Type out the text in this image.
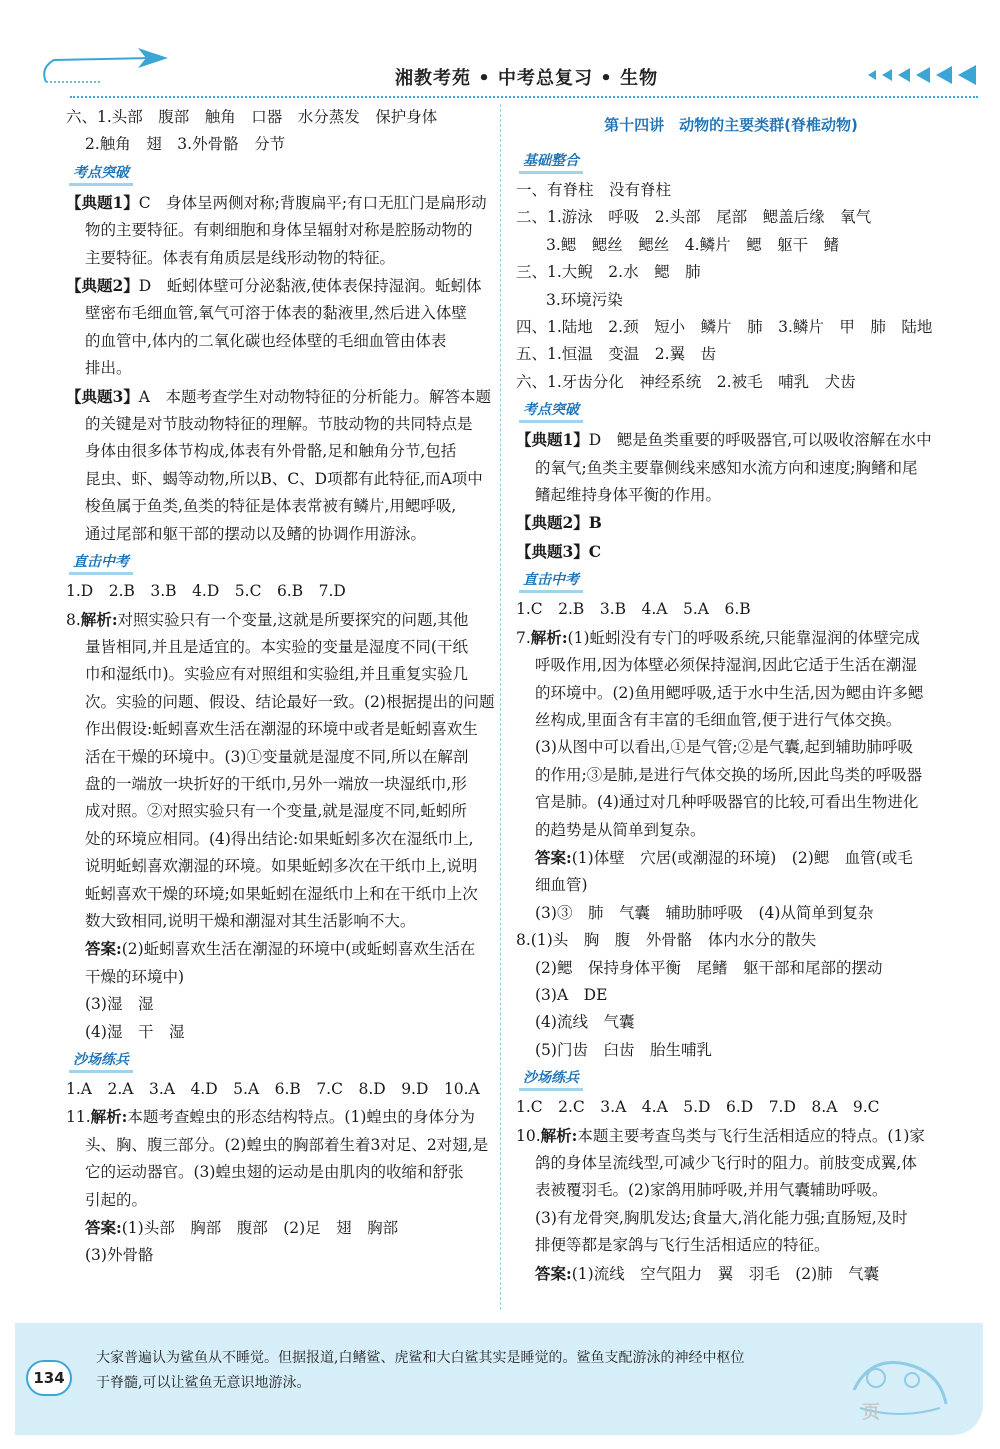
湘教考苑 • 中考总复习 • 生物
六、1.头部　腹部　触角　口器　水分蒸发　保护身体
2.触角　翅　3.外骨骼　分节
考点突破
【典题1】C　身体呈两侧对称;背腹扁平;有口无肛门是扁形动
物的主要特征。有刺细胞和身体呈辐射对称是腔肠动物的
主要特征。体表有角质层是线形动物的特征。
【典题2】D　蚯蚓体壁可分泌黏液,使体表保持湿润。蚯蚓体
壁密布毛细血管,氧气可溶于体表的黏液里,然后进入体壁
的血管中,体内的二氧化碳也经体壁的毛细血管由体表
排出。
【典题3】A　本题考查学生对动物特征的分析能力。解答本题
的关键是对节肢动物特征的理解。节肢动物的共同特点是
身体由很多体节构成,体表有外骨骼,足和触角分节,包括
昆虫、虾、蝎等动物,所以B、C、D项都有此特征,而A项中
梭鱼属于鱼类,鱼类的特征是体表常被有鳞片,用鳃呼吸,
通过尾部和躯干部的摆动以及鳍的协调作用游泳。
直击中考
1.D　2.B　3.B　4.D　5.C　6.B　7.D
8.解析:对照实验只有一个变量,这就是所要探究的问题,其他
量皆相同,并且是适宜的。本实验的变量是湿度不同(干纸
巾和湿纸巾)。实验应有对照组和实验组,并且重复实验几
次。实验的问题、假设、结论最好一致。(2)根据提出的问题
作出假设:蚯蚓喜欢生活在潮湿的环境中或者是蚯蚓喜欢生
活在干燥的环境中。(3)①变量就是湿度不同,所以在解剖
盘的一端放一块折好的干纸巾,另外一端放一块湿纸巾,形
成对照。②对照实验只有一个变量,就是湿度不同,蚯蚓所
处的环境应相同。(4)得出结论:如果蚯蚓多次在湿纸巾上,
说明蚯蚓喜欢潮湿的环境。如果蚯蚓多次在干纸巾上,说明
蚯蚓喜欢干燥的环境;如果蚯蚓在湿纸巾上和在干纸巾上次
数大致相同,说明干燥和潮湿对其生活影响不大。
答案:(2)蚯蚓喜欢生活在潮湿的环境中(或蚯蚓喜欢生活在
干燥的环境中)
(3)湿　湿
(4)湿　干　湿
沙场练兵
1.A　2.A　3.A　4.D　5.A　6.B　7.C　8.D　9.D　10.A
11.解析:本题考查蝗虫的形态结构特点。(1)蝗虫的身体分为
头、胸、腹三部分。(2)蝗虫的胸部着生着3对足、2对翅,是
它的运动器官。(3)蝗虫翅的运动是由肌肉的收缩和舒张
引起的。
答案:(1)头部　胸部　腹部　(2)足　翅　胸部
(3)外骨骼
第十四讲　动物的主要类群(脊椎动物)
基础整合
一、有脊柱　没有脊柱
二、1.游泳　呼吸　2.头部　尾部　鳃盖后缘　氧气
3.鳃　鳃丝　鳃丝　4.鳞片　鳃　躯干　鳍
三、1.大鲵　2.水　鳃　肺
3.环境污染
四、1.陆地　2.颈　短小　鳞片　肺　3.鳞片　甲　肺　陆地
五、1.恒温　变温　2.翼　齿
六、1.牙齿分化　神经系统　2.被毛　哺乳　犬齿
考点突破
【典题1】D　鳃是鱼类重要的呼吸器官,可以吸收溶解在水中
的氧气;鱼类主要靠侧线来感知水流方向和速度;胸鳍和尾
鳍起维持身体平衡的作用。
【典题2】B
【典题3】C
直击中考
1.C　2.B　3.B　4.A　5.A　6.B
7.解析:(1)蚯蚓没有专门的呼吸系统,只能靠湿润的体壁完成
呼吸作用,因为体壁必须保持湿润,因此它适于生活在潮湿
的环境中。(2)鱼用鳃呼吸,适于水中生活,因为鳃由许多鳃
丝构成,里面含有丰富的毛细血管,便于进行气体交换。
(3)从图中可以看出,①是气管;②是气囊,起到辅助肺呼吸
的作用;③是肺,是进行气体交换的场所,因此鸟类的呼吸器
官是肺。(4)通过对几种呼吸器官的比较,可看出生物进化
的趋势是从简单到复杂。
答案:(1)体壁　穴居(或潮湿的环境)　(2)鳃　血管(或毛
细血管)
(3)③　肺　气囊　辅助肺呼吸　(4)从简单到复杂
8.(1)头　胸　腹　外骨骼　体内水分的散失
(2)鳃　保持身体平衡　尾鳍　躯干部和尾部的摆动
(3)A　DE
(4)流线　气囊
(5)门齿　臼齿　胎生哺乳
沙场练兵
1.C　2.C　3.A　4.A　5.D　6.D　7.D　8.A　9.C
10.解析:本题主要考查鸟类与飞行生活相适应的特点。(1)家
鸽的身体呈流线型,可减少飞行时的阻力。前肢变成翼,体
表被覆羽毛。(2)家鸽用肺呼吸,并用气囊辅助呼吸。
(3)有龙骨突,胸肌发达;食量大,消化能力强;直肠短,及时
排便等都是家鸽与飞行生活相适应的特征。
答案:(1)流线　空气阻力　翼　羽毛　(2)肺　气囊
大家普遍认为鲨鱼从不睡觉。但据报道,白鳍鲨、虎鲨和大白鲨其实是睡觉的。鲨鱼支配游泳的神经中枢位
于脊髓,可以让鲨鱼无意识地游泳。
134
页
